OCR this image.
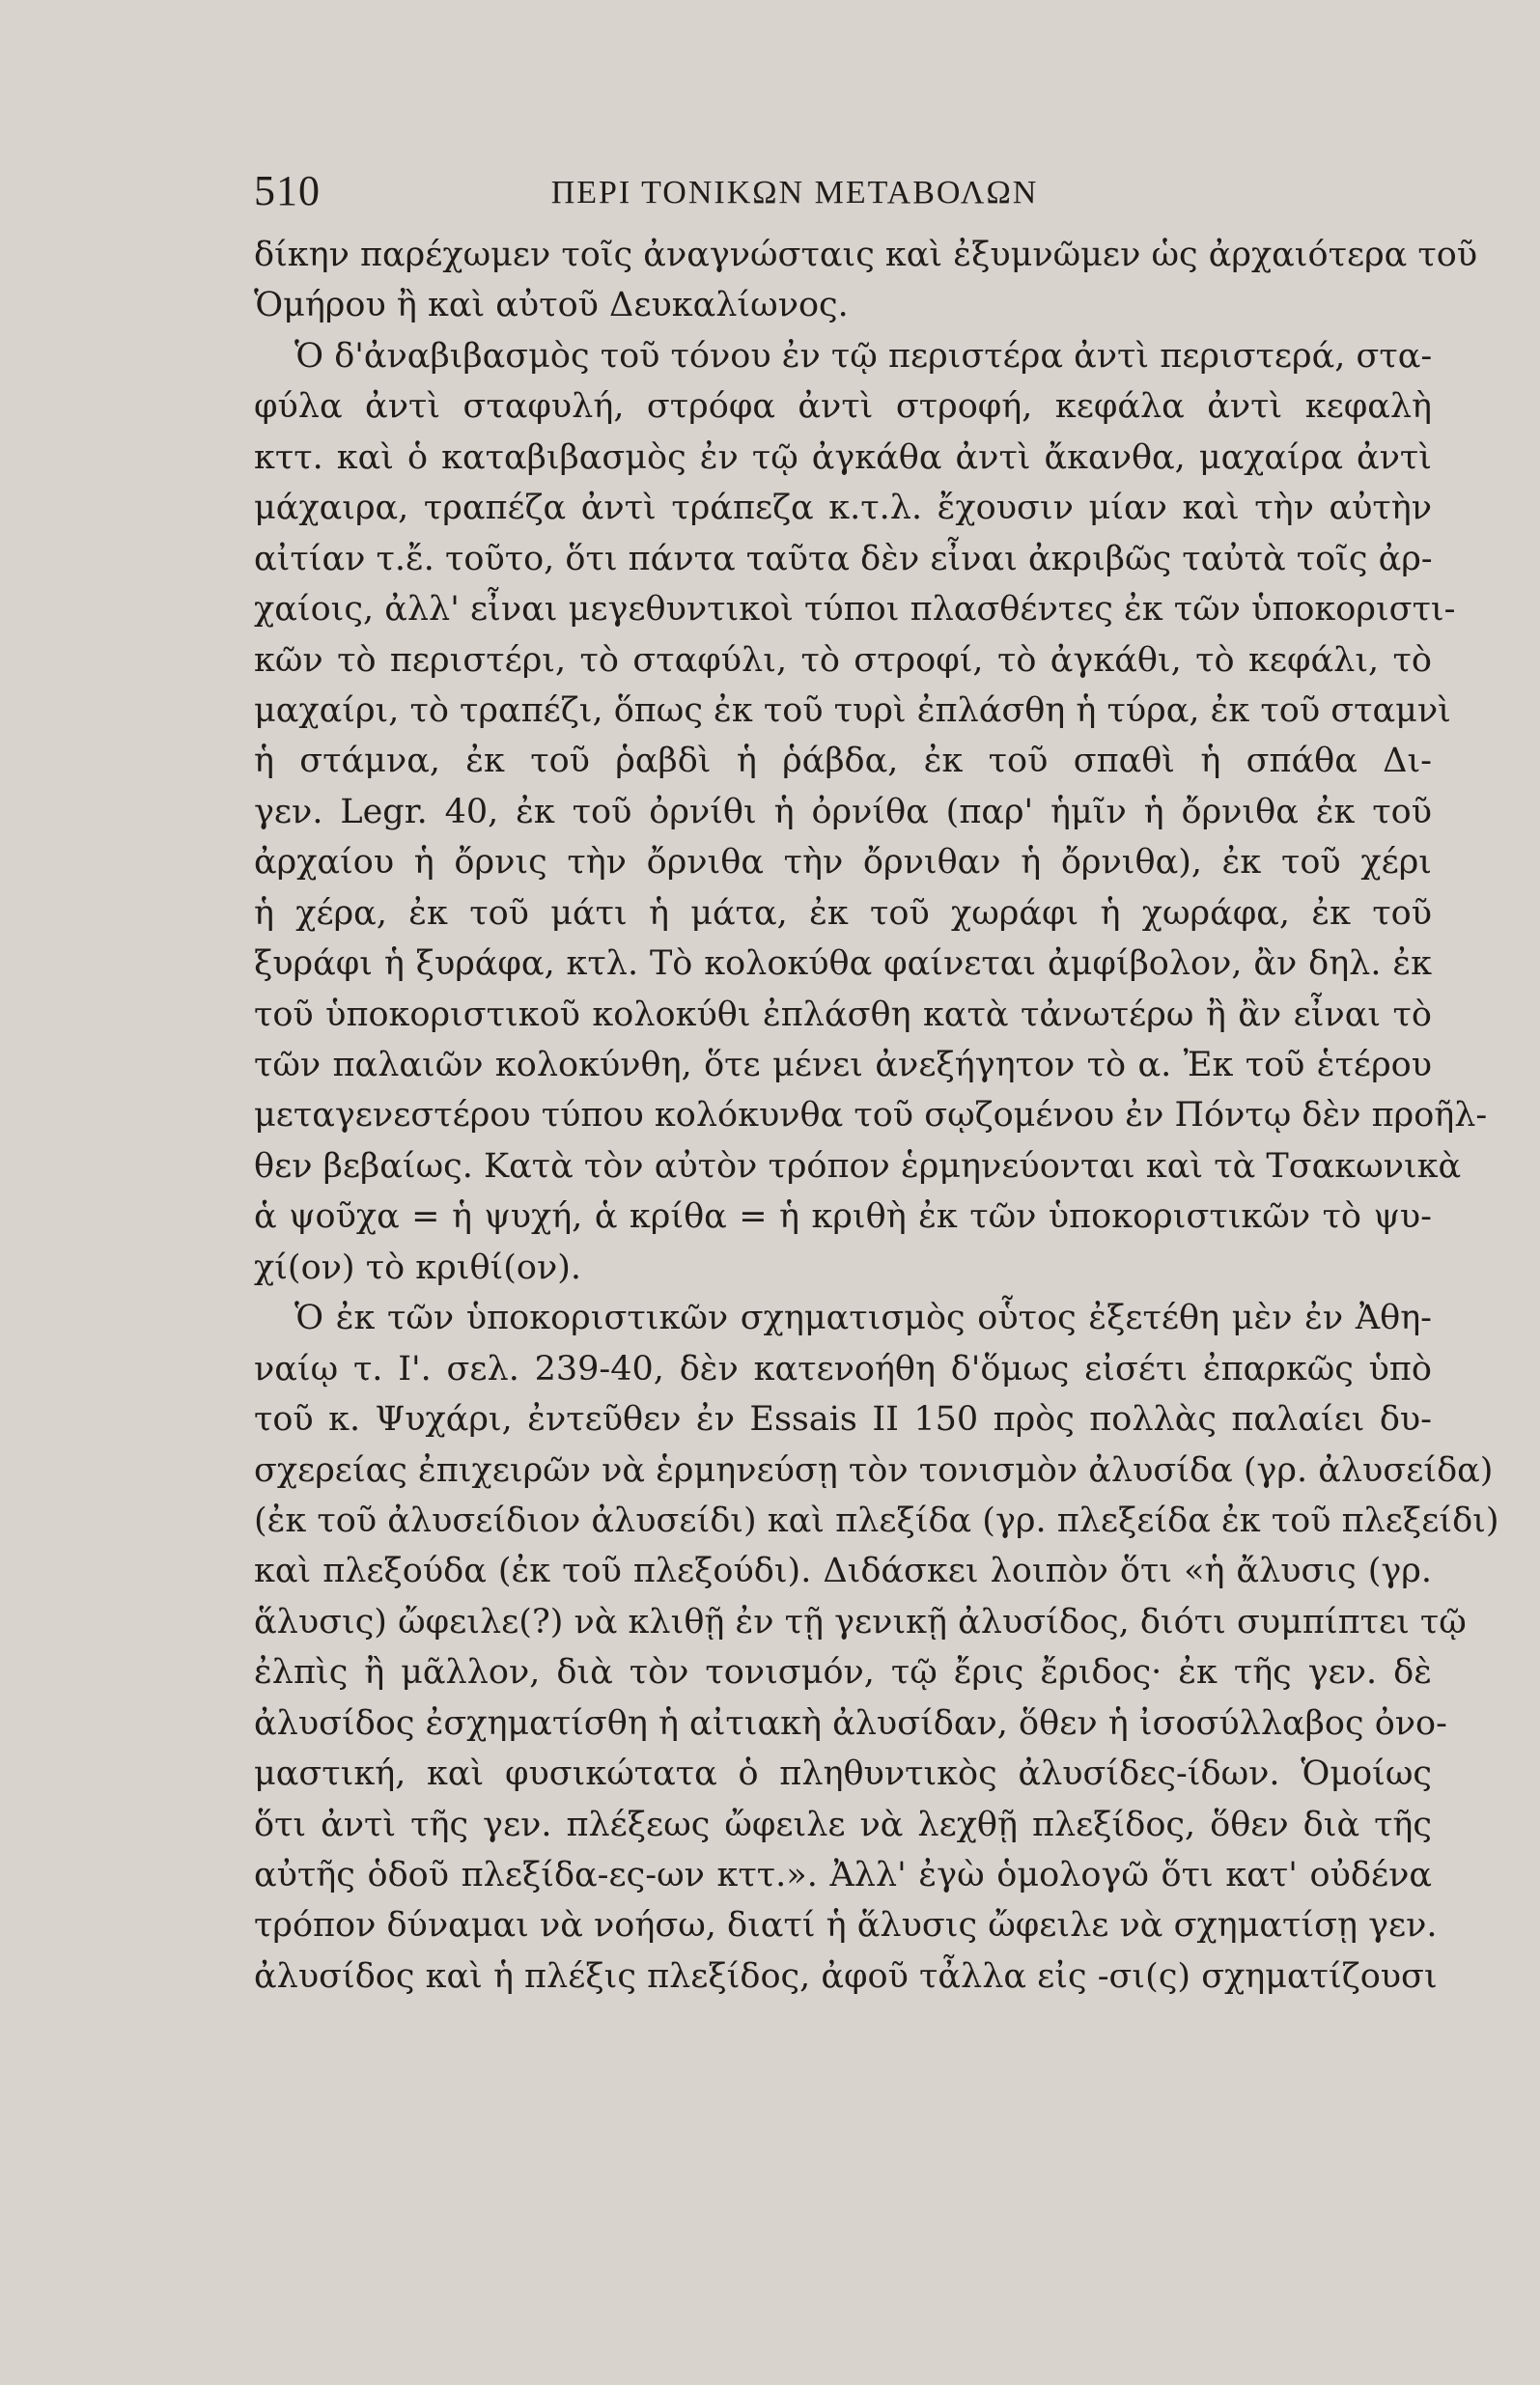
510	ΠΕΡΙ ΤΟΝΙΚΩΝ ΜΕΤΑΒΟΛΩΝ
δίκην παρέχωμεν τοῖς ἀναγνώσταις καὶ ἐξυμνῶμεν ὡς ἀρχαιότερα τοῦ
Ὁμήρου ἢ καὶ αὐτοῦ Δευκαλίωνος.
Ὁ δ'ἀναβιβασμὸς τοῦ τόνου ἐν τῷ περιστέρα ἀντὶ περιστερά, στα-
φύλα ἀντὶ σταφυλή, στρόφα ἀντὶ στροφή, κεφάλα ἀντὶ κεφαλὴ
κττ. καὶ ὁ καταβιβασμὸς ἐν τῷ ἀγκάθα ἀντὶ ἄκανθα, μαχαίρα ἀντὶ
μάχαιρα, τραπέζα ἀντὶ τράπεζα κ.τ.λ. ἔχουσιν μίαν καὶ τὴν αὐτὴν
αἰτίαν τ.ἔ. τοῦτο, ὅτι πάντα ταῦτα δὲν εἶναι ἀκριβῶς ταὐτὰ τοῖς ἀρ-
χαίοις, ἀλλ' εἶναι μεγεθυντικοὶ τύποι πλασθέντες ἐκ τῶν ὑποκοριστι-
κῶν τὸ περιστέρι, τὸ σταφύλι, τὸ στροφί, τὸ ἀγκάθι, τὸ κεφάλι, τὸ
μαχαίρι, τὸ τραπέζι, ὅπως ἐκ τοῦ τυρὶ ἐπλάσθη ἡ τύρα, ἐκ τοῦ σταμνὶ
ἡ στάμνα, ἐκ τοῦ ῥαβδὶ ἡ ῥάβδα, ἐκ τοῦ σπαθὶ ἡ σπάθα Δι-
γεν. Legr. 40, ἐκ τοῦ ὀρνίθι ἡ ὀρνίθα (παρ' ἡμῖν ἡ ὄρνιθα ἐκ τοῦ
ἀρχαίου ἡ ὄρνις τὴν ὄρνιθα τὴν ὄρνιθαν ἡ ὄρνιθα), ἐκ τοῦ χέρι
ἡ χέρα, ἐκ τοῦ μάτι ἡ μάτα, ἐκ τοῦ χωράφι ἡ χωράφα, ἐκ τοῦ
ξυράφι ἡ ξυράφα, κτλ. Τὸ κολοκύθα φαίνεται ἀμφίβολον, ἂν δηλ. ἐκ
τοῦ ὑποκοριστικοῦ κολοκύθι ἐπλάσθη κατὰ τἀνωτέρω ἢ ἂν εἶναι τὸ
τῶν παλαιῶν κολοκύνθη, ὅτε μένει ἀνεξήγητον τὸ α. Ἐκ τοῦ ἑτέρου
μεταγενεστέρου τύπου κολόκυνθα τοῦ σῳζομένου ἐν Πόντῳ δὲν προῆλ-
θεν βεβαίως. Κατὰ τὸν αὐτὸν τρόπον ἑρμηνεύονται καὶ τὰ Τσακωνικὰ
ἁ ψοῦχα = ἡ ψυχή, ἁ κρίθα = ἡ κριθὴ ἐκ τῶν ὑποκοριστικῶν τὸ ψυ-
χί(ον) τὸ κριθί(ον).
Ὁ ἐκ τῶν ὑποκοριστικῶν σχηματισμὸς οὗτος ἐξετέθη μὲν ἐν Ἀθη-
ναίῳ τ. Ι'. σελ. 239-40, δὲν κατενοήθη δ'ὅμως εἰσέτι ἐπαρκῶς ὑπὸ
τοῦ κ. Ψυχάρι, ἐντεῦθεν ἐν Essais II 150 πρὸς πολλὰς παλαίει δυ-
σχερείας ἐπιχειρῶν νὰ ἑρμηνεύσῃ τὸν τονισμὸν ἀλυσίδα (γρ. ἀλυσείδα)
(ἐκ τοῦ ἀλυσείδιον ἀλυσείδι) καὶ πλεξίδα (γρ. πλεξείδα ἐκ τοῦ πλεξείδι)
καὶ πλεξούδα (ἐκ τοῦ πλεξούδι). Διδάσκει λοιπὸν ὅτι «ἡ ἄλυσις (γρ.
ἅλυσις) ὤφειλε(?) νὰ κλιθῇ ἐν τῇ γενικῇ ἀλυσίδος, διότι συμπίπτει τῷ
ἐλπὶς ἢ μᾶλλον, διὰ τὸν τονισμόν, τῷ ἔρις ἔριδος· ἐκ τῆς γεν. δὲ
ἀλυσίδος ἐσχηματίσθη ἡ αἰτιακὴ ἀλυσίδαν, ὅθεν ἡ ἰσοσύλλαβος ὀνο-
μαστική, καὶ φυσικώτατα ὁ πληθυντικὸς ἀλυσίδες-ίδων. Ὁμοίως
ὅτι ἀντὶ τῆς γεν. πλέξεως ὤφειλε νὰ λεχθῇ πλεξίδος, ὅθεν διὰ τῆς
αὐτῆς ὁδοῦ πλεξίδα-ες-ων κττ.». Ἀλλ' ἐγὼ ὁμολογῶ ὅτι κατ' οὐδένα
τρόπον δύναμαι νὰ νοήσω, διατί ἡ ἅλυσις ὤφειλε νὰ σχηματίσῃ γεν.
ἀλυσίδος καὶ ἡ πλέξις πλεξίδος, ἀφοῦ τἆλλα εἰς -σι(ς) σχηματίζουσι
